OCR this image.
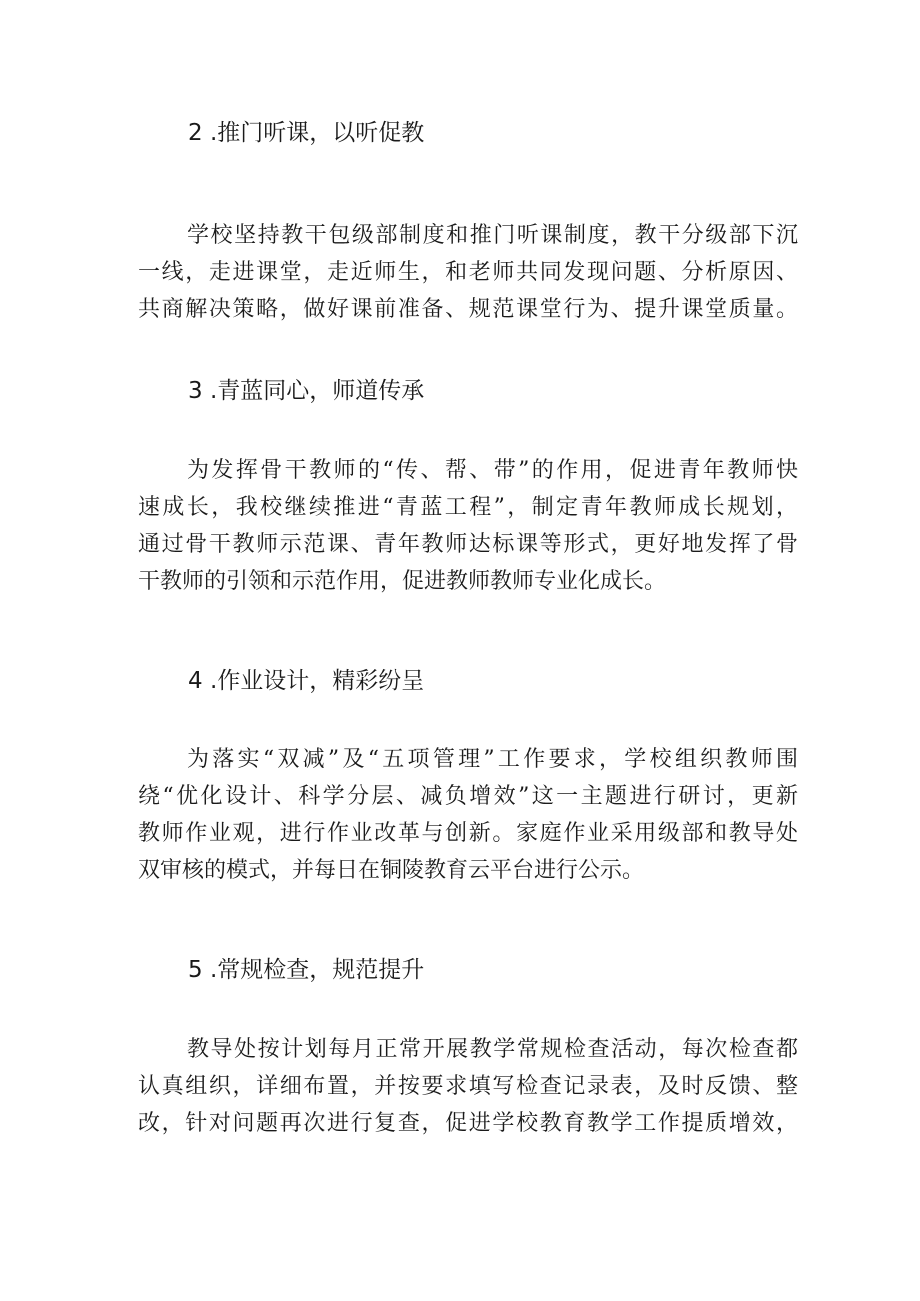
2 .推门听课，以听促教
学校坚持教干包级部制度和推门听课制度，教干分级部下沉
一线，走进课堂，走近师生，和老师共同发现问题、分析原因、
共商解决策略，做好课前准备、规范课堂行为、提升课堂质量。
3 .青蓝同心，师道传承
为发挥骨干教师的“传、帮、带”的作用，促进青年教师快
速成长，我校继续推进“青蓝工程”，制定青年教师成长规划，
通过骨干教师示范课、青年教师达标课等形式，更好地发挥了骨
干教师的引领和示范作用，促进教师教师专业化成长。
4 .作业设计，精彩纷呈
为落实“双减”及“五项管理”工作要求，学校组织教师围
绕“优化设计、科学分层、减负增效”这一主题进行研讨，更新
教师作业观，进行作业改革与创新。家庭作业采用级部和教导处
双审核的模式，并每日在铜陵教育云平台进行公示。
5 .常规检查，规范提升
教导处按计划每月正常开展教学常规检查活动，每次检查都
认真组织，详细布置，并按要求填写检查记录表，及时反馈、整
改，针对问题再次进行复查，促进学校教育教学工作提质增效，
